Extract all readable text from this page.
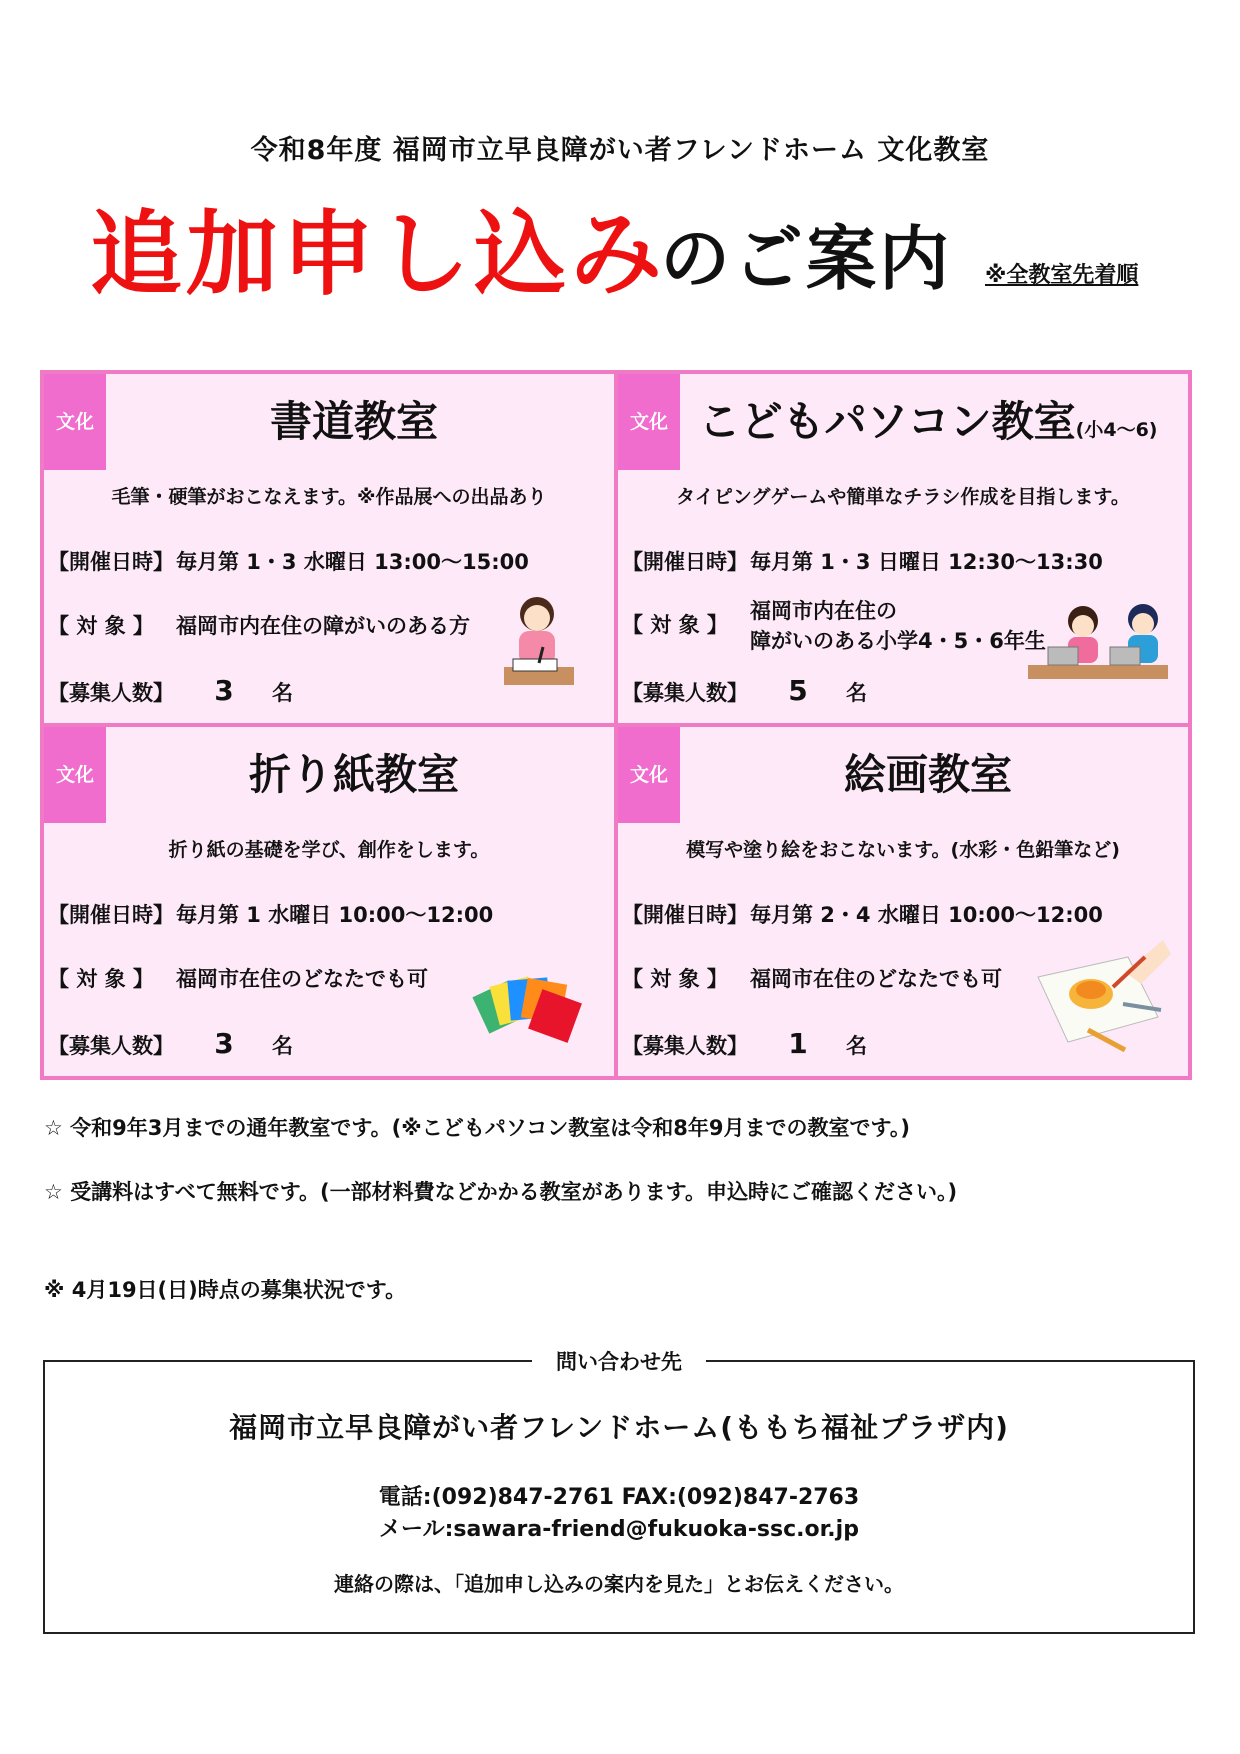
令和8年度 福岡市立早良障がい者フレンドホーム 文化教室
追加申し込み
のご案内 ※全教室先着順
文化	書道教室
毛筆・硬筆がおこなえます。※作品展への出品あり
【開催日時】毎月第 1・3 水曜日 13:00～15:00
【 対 象 】 福岡市内在住の障がいのある方
【募集人数】 3 名
文化 こどもパソコン教室(小4～6)
タイピングゲームや簡単なチラシ作成を目指します。
【開催日時】毎月第 1・3 日曜日 12:30～13:30
【 対 象 】福岡市内在住の
障がいのある小学4・5・6年生
【募集人数】 5 名
文化	折り紙教室
折り紙の基礎を学び、創作をします。
【開催日時】毎月第 1 水曜日 10:00～12:00
【 対 象 】 福岡市在住のどなたでも可
【募集人数】 3 名
文化	絵画教室
模写や塗り絵をおこないます。(水彩・色鉛筆など)
【開催日時】毎月第 2・4 水曜日 10:00～12:00
【 対 象 】 福岡市在住のどなたでも可
【募集人数】 1 名
☆ 令和9年3月までの通年教室です。(※こどもパソコン教室は令和8年9月までの教室です。)
☆ 受講料はすべて無料です。(一部材料費などかかる教室があります。申込時にご確認ください。)
※ 4月19日(日)時点の募集状況です。
問い合わせ先
福岡市立早良障がい者フレンドホーム(ももち福祉プラザ内)
電話:(092)847-2761 FAX:(092)847-2763
メール:sawara-friend@fukuoka-ssc.or.jp
連絡の際は、「追加申し込みの案内を見た」とお伝えください。
